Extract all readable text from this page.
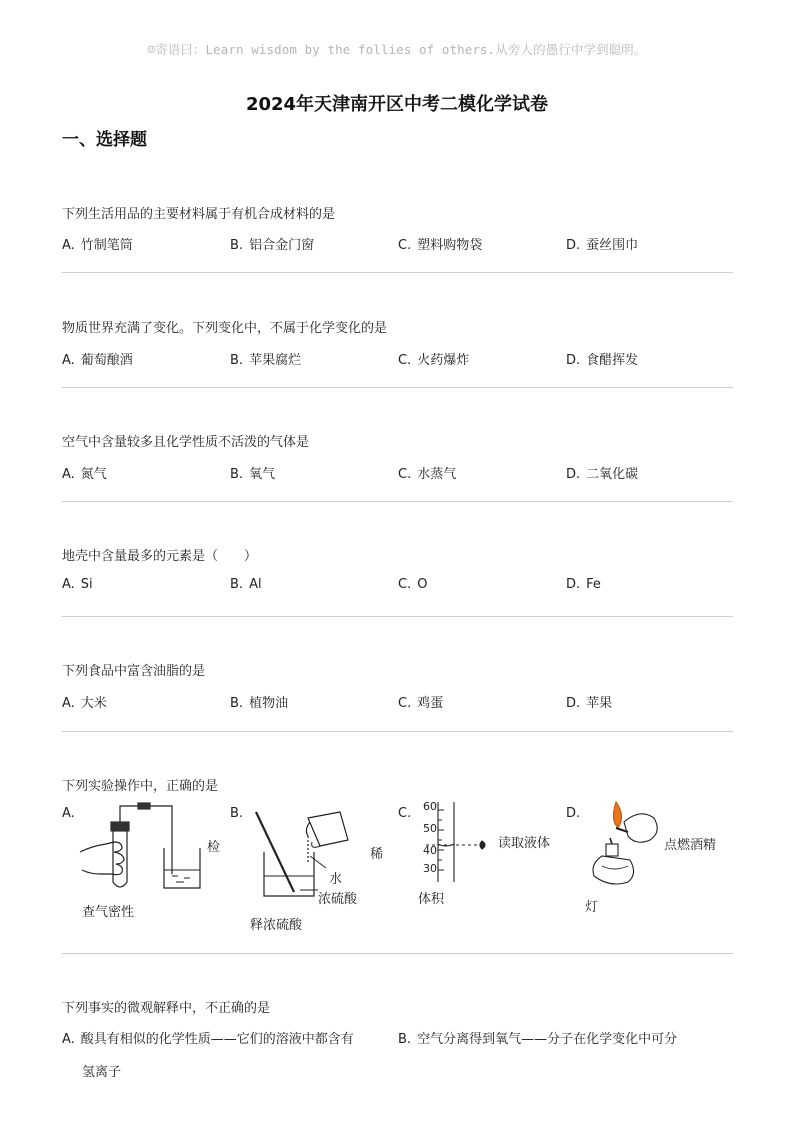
☺寄语曰：Learn wisdom by the follies of others.从旁人的愚行中学到聪明。
2024年天津南开区中考二模化学试卷
一、选择题
下列生活用品的主要材料属于有机合成材料的是
A. 竹制笔筒	B. 铝合金门窗	C. 塑料购物袋	D. 蚕丝围巾
物质世界充满了变化。下列变化中，不属于化学变化的是
A. 葡萄酿酒	B. 苹果腐烂	C. 火药爆炸	D. 食醋挥发
空气中含量较多且化学性质不活泼的气体是
A. 氮气	B. 氧气	C. 水蒸气	D. 二氧化碳
地壳中含量最多的元素是（　　）
A. Si	B. Al	C. O	D. Fe
下列食品中富含油脂的是
A. 大米	B. 植物油	C. 鸡蛋	D. 苹果
下列实验操作中，正确的是
A.
检
查气密性
B.
稀
水
浓硫酸
释浓硫酸
C. 60
50
40
30
读取液体
体积
D.
点燃酒精
灯
下列事实的微观解释中，不正确的是
A. 酸具有相似的化学性质——它们的溶液中都含有
氢离子
B. 空气分离得到氧气——分子在化学变化中可分
